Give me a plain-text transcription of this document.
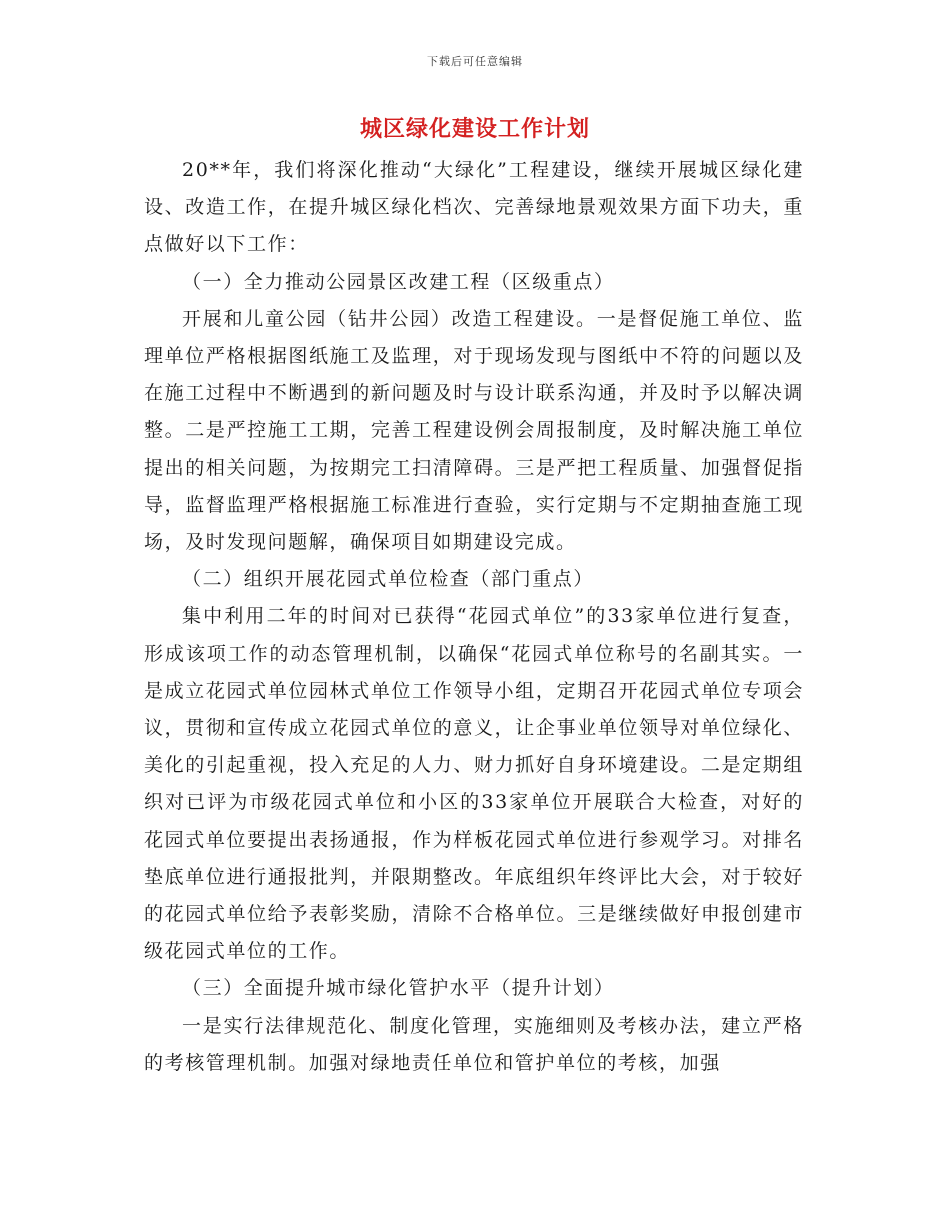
下载后可任意编辑
城区绿化建设工作计划

20**年，我们将深化推动“大绿化”工程建设，继续开展城区绿化建设、改造工作，在提升城区绿化档次、完善绿地景观效果方面下功夫，重点做好以下工作：

（一）全力推动公园景区改建工程（区级重点）

开展和儿童公园（钻井公园）改造工程建设。一是督促施工单位、监理单位严格根据图纸施工及监理，对于现场发现与图纸中不符的问题以及在施工过程中不断遇到的新问题及时与设计联系沟通，并及时予以解决调整。二是严控施工工期，完善工程建设例会周报制度，及时解决施工单位提出的相关问题，为按期完工扫清障碍。三是严把工程质量、加强督促指导，监督监理严格根据施工标准进行查验，实行定期与不定期抽查施工现场，及时发现问题解，确保项目如期建设完成。

（二）组织开展花园式单位检查（部门重点）

集中利用二年的时间对已获得“花园式单位”的33家单位进行复查，形成该项工作的动态管理机制，以确保“花园式单位称号的名副其实。一是成立花园式单位园林式单位工作领导小组，定期召开花园式单位专项会议，贯彻和宣传成立花园式单位的意义，让企事业单位领导对单位绿化、美化的引起重视，投入充足的人力、财力抓好自身环境建设。二是定期组织对已评为市级花园式单位和小区的33家单位开展联合大检查，对好的花园式单位要提出表扬通报，作为样板花园式单位进行参观学习。对排名垫底单位进行通报批判，并限期整改。年底组织年终评比大会，对于较好的花园式单位给予表彰奖励，清除不合格单位。三是继续做好申报创建市级花园式单位的工作。

（三）全面提升城市绿化管护水平（提升计划）

一是实行法律规范化、制度化管理，实施细则及考核办法，建立严格的考核管理机制。加强对绿地责任单位和管护单位的考核，加强
